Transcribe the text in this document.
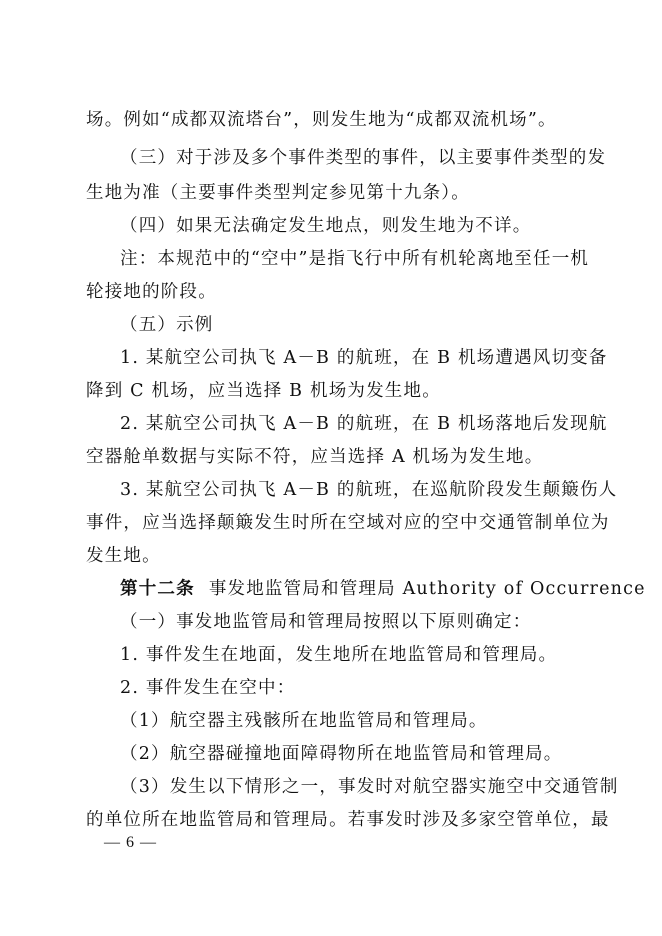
场。例如“成都双流塔台”，则发生地为“成都双流机场”。
（三）对于涉及多个事件类型的事件，以主要事件类型的发
生地为准（主要事件类型判定参见第十九条）。
（四）如果无法确定发生地点，则发生地为不详。
注：本规范中的“空中”是指飞行中所有机轮离地至任一机
轮接地的阶段。
（五）示例
1. 某航空公司执飞 A－B 的航班，在 B 机场遭遇风切变备
降到 C 机场，应当选择 B 机场为发生地。
2. 某航空公司执飞 A－B 的航班，在 B 机场落地后发现航
空器舱单数据与实际不符，应当选择 A 机场为发生地。
3. 某航空公司执飞 A－B 的航班，在巡航阶段发生颠簸伤人
事件，应当选择颠簸发生时所在空域对应的空中交通管制单位为
发生地。
第十二条 事发地监管局和管理局 Authority of Occurrence
（一）事发地监管局和管理局按照以下原则确定：
1. 事件发生在地面，发生地所在地监管局和管理局。
2. 事件发生在空中：
（1）航空器主残骸所在地监管局和管理局。
（2）航空器碰撞地面障碍物所在地监管局和管理局。
（3）发生以下情形之一，事发时对航空器实施空中交通管制
的单位所在地监管局和管理局。若事发时涉及多家空管单位，最
— 6 —
